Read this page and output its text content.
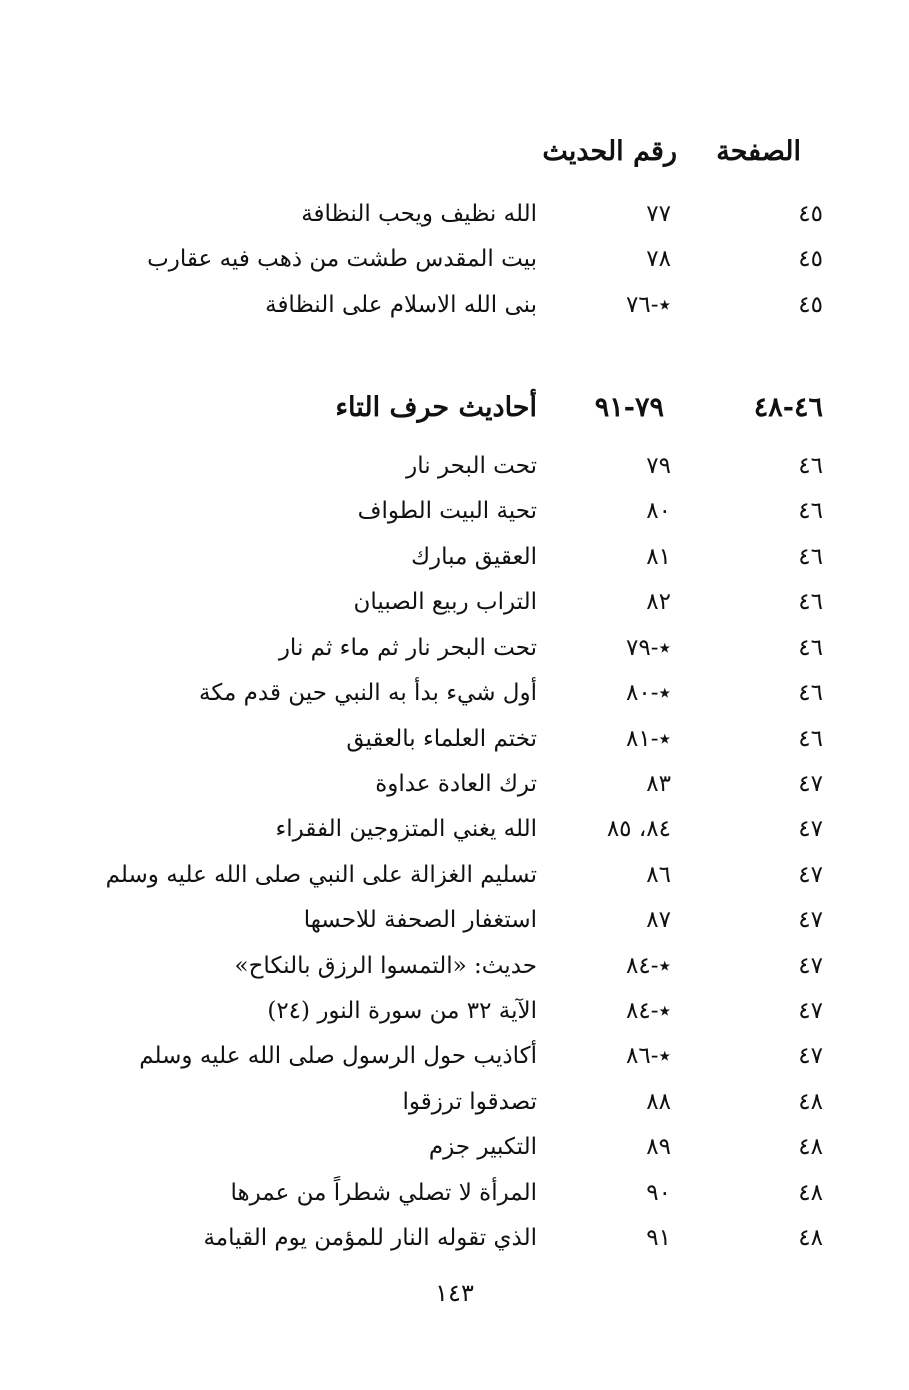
الصفحة
رقم الحديث
٤٥
٧٧
الله نظيف ويحب النظافة
٤٥
٧٨
بيت المقدس طشت من ذهب فيه عقارب
٤٥
٭-٧٦
بنى الله الاسلام على النظافة
٤٦-٤٨
٧٩-٩١
أحاديث حرف التاء
٤٦
٧٩
تحت البحر نار
٤٦
٨٠
تحية البيت الطواف
٤٦
٨١
العقيق مبارك
٤٦
٨٢
التراب ربيع الصبيان
٤٦
٭-٧٩
تحت البحر نار ثم ماء ثم نار
٤٦
٭-٨٠
أول شيء بدأ به النبي حين قدم مكة
٤٦
٭-٨١
تختم العلماء بالعقيق
٤٧
٨٣
ترك العادة عداوة
٤٧
٨٤، ٨٥
الله يغني المتزوجين الفقراء
٤٧
٨٦
تسليم الغزالة على النبي صلى الله عليه وسلم
٤٧
٨٧
استغفار الصحفة للاحسها
٤٧
٭-٨٤
حديث: «التمسوا الرزق بالنكاح»
٤٧
٭-٨٤
الآية ٣٢ من سورة النور (٢٤)
٤٧
٭-٨٦
أكاذيب حول الرسول صلى الله عليه وسلم
٤٨
٨٨
تصدقوا ترزقوا
٤٨
٨٩
التكبير جزم
٤٨
٩٠
المرأة لا تصلي شطراً من عمرها
٤٨
٩١
الذي تقوله النار للمؤمن يوم القيامة
١٤٣
